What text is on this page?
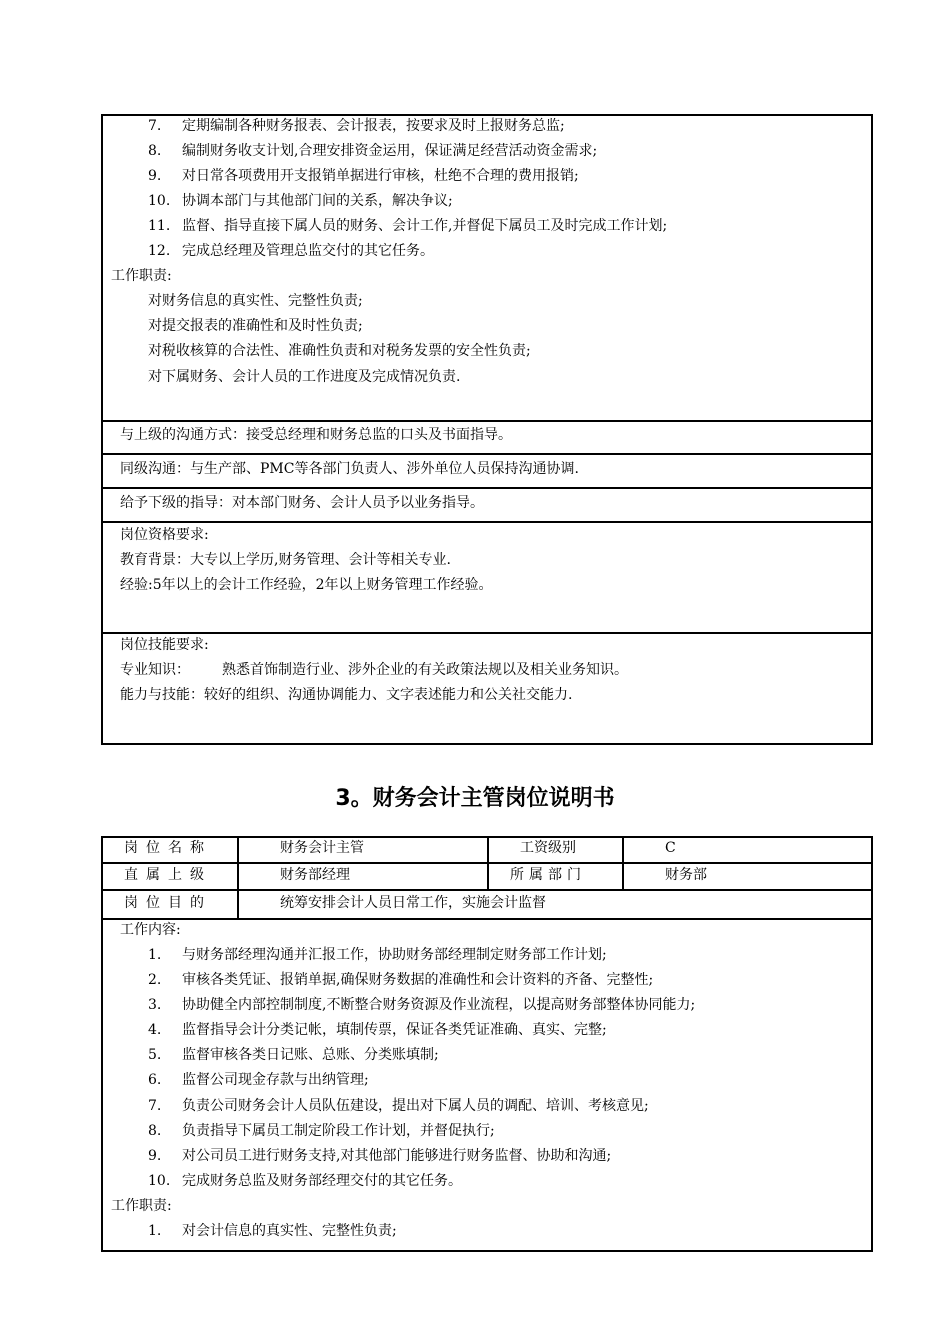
7. 定期编制各种财务报表、会计报表，按要求及时上报财务总监;
8. 编制财务收支计划,合理安排资金运用，保证满足经营活动资金需求;
9. 对日常各项费用开支报销单据进行审核，杜绝不合理的费用报销;
10. 协调本部门与其他部门间的关系，解决争议;
11. 监督、指导直接下属人员的财务、会计工作,并督促下属员工及时完成工作计划;
12. 完成总经理及管理总监交付的其它任务。
工作职责:
对财务信息的真实性、完整性负责;
对提交报表的准确性和及时性负责;
对税收核算的合法性、准确性负责和对税务发票的安全性负责;
对下属财务、会计人员的工作进度及完成情况负责.
与上级的沟通方式：接受总经理和财务总监的口头及书面指导。
同级沟通：与生产部、PMC等各部门负责人、涉外单位人员保持沟通协调.
给予下级的指导：对本部门财务、会计人员予以业务指导。
岗位资格要求:
教育背景：大专以上学历,财务管理、会计等相关专业.
经验:5年以上的会计工作经验，2年以上财务管理工作经验。
岗位技能要求:
专业知识： 熟悉首饰制造行业、涉外企业的有关政策法规以及相关业务知识。
能力与技能：较好的组织、沟通协调能力、文字表述能力和公关社交能力.
3。财务会计主管岗位说明书
岗位名称	财务会计主管	工资级别	C
直属上级	财务部经理	所属部门	财务部
岗位目的	统筹安排会计人员日常工作，实施会计监督
工作内容:
1. 与财务部经理沟通并汇报工作，协助财务部经理制定财务部工作计划;
2. 审核各类凭证、报销单据,确保财务数据的准确性和会计资料的齐备、完整性;
3. 协助健全内部控制制度,不断整合财务资源及作业流程，以提高财务部整体协同能力;
4. 监督指导会计分类记帐，填制传票，保证各类凭证准确、真实、完整;
5. 监督审核各类日记账、总账、分类账填制;
6. 监督公司现金存款与出纳管理;
7. 负责公司财务会计人员队伍建设，提出对下属人员的调配、培训、考核意见;
8. 负责指导下属员工制定阶段工作计划，并督促执行;
9. 对公司员工进行财务支持,对其他部门能够进行财务监督、协助和沟通;
10. 完成财务总监及财务部经理交付的其它任务。
工作职责:
1. 对会计信息的真实性、完整性负责;
